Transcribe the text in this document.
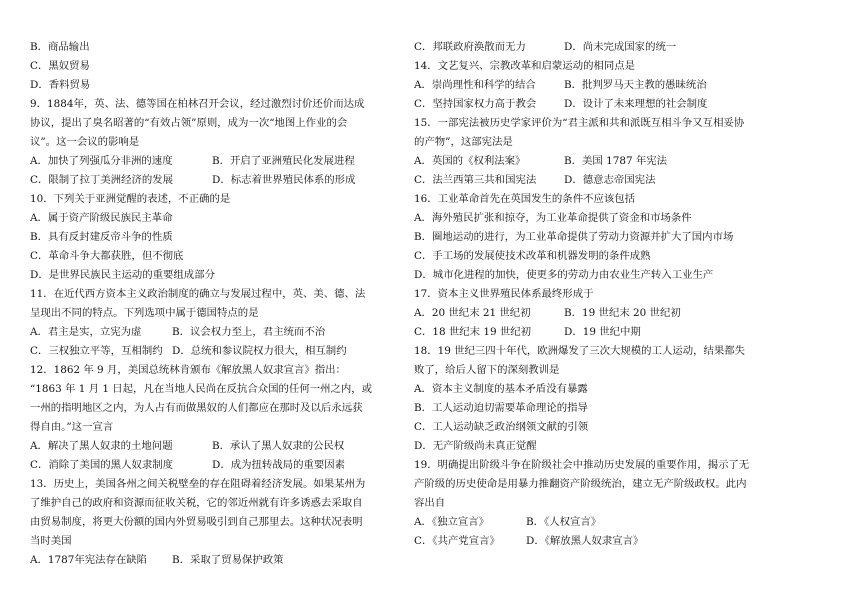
B．商品输出
C．黑奴贸易
D．香料贸易
9．1884年，英、法、德等国在柏林召开会议，经过激烈讨价还价而达成
协议，提出了臭名昭著的“有效占领”原则，成为一次“地图上作业的会
议”。这一会议的影响是
A．加快了列强瓜分非洲的速度	B．开启了亚洲殖民化发展进程
C．限制了拉丁美洲经济的发展	D．标志着世界殖民体系的形成
10．下列关于亚洲觉醒的表述，不正确的是
A．属于资产阶级民族民主革命
B．具有反封建反帝斗争的性质
C．革命斗争大都获胜，但不彻底
D．是世界民族民主运动的重要组成部分
11．在近代西方资本主义政治制度的确立与发展过程中，英、美、德、法
呈现出不同的特点。下列选项中属于德国特点的是
A．君主是实，立宪为虚	B．议会权力至上，君主统而不治
C．三权独立平等，互相制约 D．总统和参议院权力很大，相互制约
12．1862 年 9 月，美国总统林肯颁布《解放黑人奴隶宣言》指出：
“1863 年 1 月 1 日起，凡在当地人民尚在反抗合众国的任何一州之内，或
一州的指明地区之内，为人占有而做黑奴的人们都应在那时及以后永远获
得自由。”这一宣言
A．解决了黑人奴隶的土地问题	B．承认了黑人奴隶的公民权
C．消除了美国的黑人奴隶制度	D．成为扭转战局的重要因素
13．历史上，美国各州之间关税壁垒的存在阻碍着经济发展。如果某州为
了维护自己的政府和资源而征收关税，它的邻近州就有许多诱惑去采取自
由贸易制度，将更大份额的国内外贸易吸引到自己那里去。这种状况表明
当时美国
A．1787年宪法存在缺陷 B．采取了贸易保护政策
C．邦联政府涣散而无力	D．尚未完成国家的统一
14．文艺复兴、宗教改革和启蒙运动的相同点是
A．崇尚理性和科学的结合	B．批判罗马天主教的愚昧统治
C．坚持国家权力高于教会	D．设计了未来理想的社会制度
15．一部宪法被历史学家评价为“君主派和共和派既互相斗争又互相妥协
的产物”，这部宪法是
A．英国的《权利法案》	B．美国 1787 年宪法
C．法兰西第三共和国宪法	D．德意志帝国宪法
16．工业革命首先在英国发生的条件不应该包括
A．海外殖民扩张和掠夺，为工业革命提供了资金和市场条件
B．圈地运动的进行，为工业革命提供了劳动力资源并扩大了国内市场
C．手工场的发展使技术改革和机器发明的条件成熟
D．城市化进程的加快，使更多的劳动力由农业生产转入工业生产
17．资本主义世界殖民体系最终形成于
A．20 世纪末 21 世纪初	B．19 世纪末 20 世纪初
C．18 世纪末 19 世纪初	D．19 世纪中期
18．19 世纪三四十年代，欧洲爆发了三次大规模的工人运动，结果都失
败了，给后人留下的深刻教训是
A．资本主义制度的基本矛盾没有暴露
B．工人运动迫切需要革命理论的指导
C．工人运动缺乏政治纲领文献的引领
D．无产阶级尚未真正觉醒
19．明确提出阶级斗争在阶级社会中推动历史发展的重要作用，揭示了无
产阶级的历史使命是用暴力推翻资产阶级统治，建立无产阶级政权。此内
容出自
A．《独立宣言》	B．《人权宣言》
C．《共产党宣言》	D．《解放黑人奴隶宣言》
